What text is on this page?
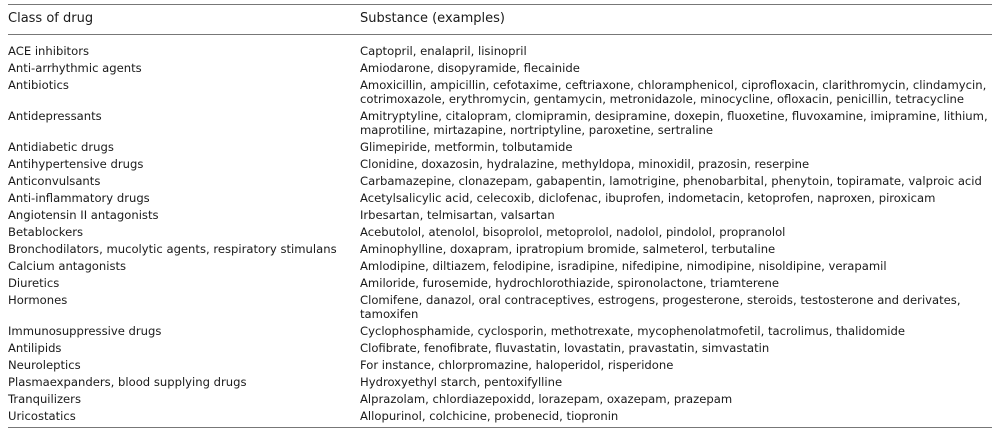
Class of drug	Substance (examples)
ACE inhibitors	Captopril, enalapril, lisinopril
Anti-arrhythmic agents	Amiodarone, disopyramide, flecainide
Antibiotics	Amoxicillin, ampicillin, cefotaxime, ceftriaxone, chloramphenicol, ciprofloxacin, clarithromycin, clindamycin, cotrimoxazole, erythromycin, gentamycin, metronidazole, minocycline, ofloxacin, penicillin, tetracycline
Antidepressants	Amitryptyline, citalopram, clomipramin, desipramine, doxepin, fluoxetine, fluvoxamine, imipramine, lithium, maprotiline, mirtazapine, nortriptyline, paroxetine, sertraline
Antidiabetic drugs	Glimepiride, metformin, tolbutamide
Antihypertensive drugs	Clonidine, doxazosin, hydralazine, methyldopa, minoxidil, prazosin, reserpine
Anticonvulsants	Carbamazepine, clonazepam, gabapentin, lamotrigine, phenobarbital, phenytoin, topiramate, valproic acid
Anti-inflammatory drugs	Acetylsalicylic acid, celecoxib, diclofenac, ibuprofen, indometacin, ketoprofen, naproxen, piroxicam
Angiotensin II antagonists	Irbesartan, telmisartan, valsartan
Betablockers	Acebutolol, atenolol, bisoprolol, metoprolol, nadolol, pindolol, propranolol
Bronchodilators, mucolytic agents, respiratory stimulans	Aminophylline, doxapram, ipratropium bromide, salmeterol, terbutaline
Calcium antagonists	Amlodipine, diltiazem, felodipine, isradipine, nifedipine, nimodipine, nisoldipine, verapamil
Diuretics	Amiloride, furosemide, hydrochlorothiazide, spironolactone, triamterene
Hormones	Clomifene, danazol, oral contraceptives, estrogens, progesterone, steroids, testosterone and derivates, tamoxifen
Immunosuppressive drugs	Cyclophosphamide, cyclosporin, methotrexate, mycophenolatmofetil, tacrolimus, thalidomide
Antilipids	Clofibrate, fenofibrate, fluvastatin, lovastatin, pravastatin, simvastatin
Neuroleptics	For instance, chlorpromazine, haloperidol, risperidone
Plasmaexpanders, blood supplying drugs	Hydroxyethyl starch, pentoxifylline
Tranquilizers	Alprazolam, chlordiazepoxidd, lorazepam, oxazepam, prazepam
Uricostatics	Allopurinol, colchicine, probenecid, tiopronin
